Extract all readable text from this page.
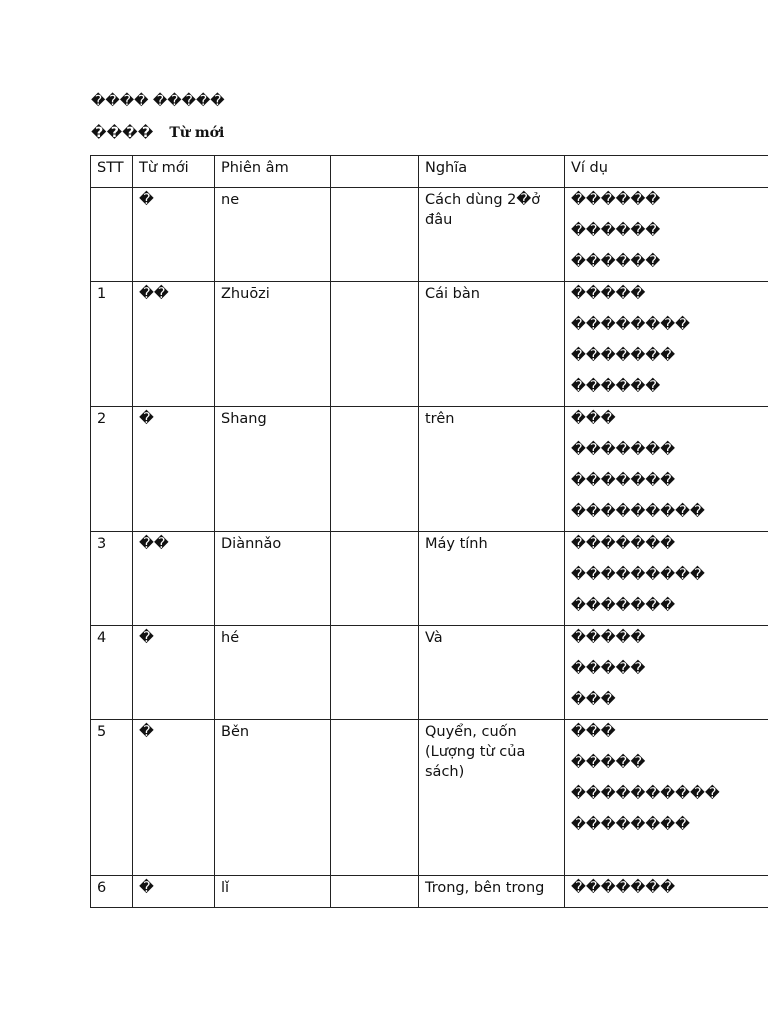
���� �����
���� Từ mới
STT	Từ mới	Phiên âm		Nghĩa	Ví dụ

	�	ne		Cách dùng 2�ở đâu	������
������
������

1	��	Zhuōzi		Cái bàn	�����
��������
�������
������

2	�	Shang		trên	���
�������
�������
���������

3	��	Diànnǎo		Máy tính	�������
���������
�������

4	�	hé		Và	�����
�����
���

5	�	Běn		Quyển, cuốn (Lượng từ của sách)	���
�����
����������
��������

6	�	lǐ		Trong, bên trong	�������
